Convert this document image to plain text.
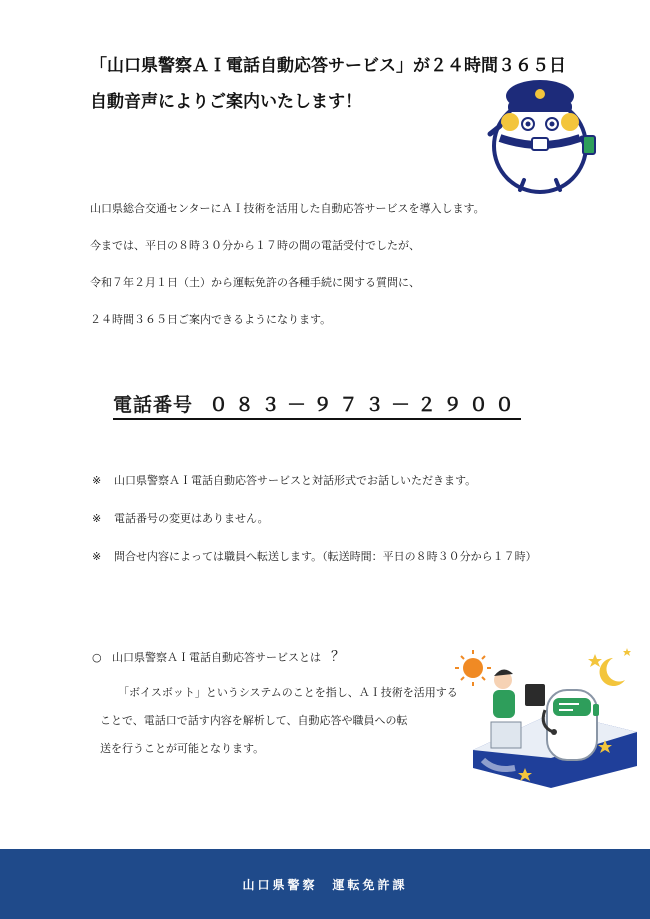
「山口県警察ＡＩ電話自動応答サービス」が２４時間３６５日
自動音声によりご案内いたします！

山口県総合交通センターにＡＩ技術を活用した自動応答サービスを導入します。

今までは、平日の８時３０分から１７時の間の電話受付でしたが、

令和７年２月１日（土）から運転免許の各種手続に関する質問に、

２４時間３６５日ご案内できるようになります。

電話番号 ０８３－９７３－２９００
※ 山口県警察ＡＩ電話自動応答サービスと対話形式でお話しいただきます。
※ 電話番号の変更はありません。
※ 問合せ内容によっては職員へ転送します。（転送時間：平日の８時３０分から１７時）
○ 山口県警察ＡＩ電話自動応答サービスとは ？

「ボイスボット」というシステムのことを指し、ＡＩ技術を活用する

ことで、電話口で話す内容を解析して、自動応答や職員への転

送を行うことが可能となります。

山口県警察　運転免許課
